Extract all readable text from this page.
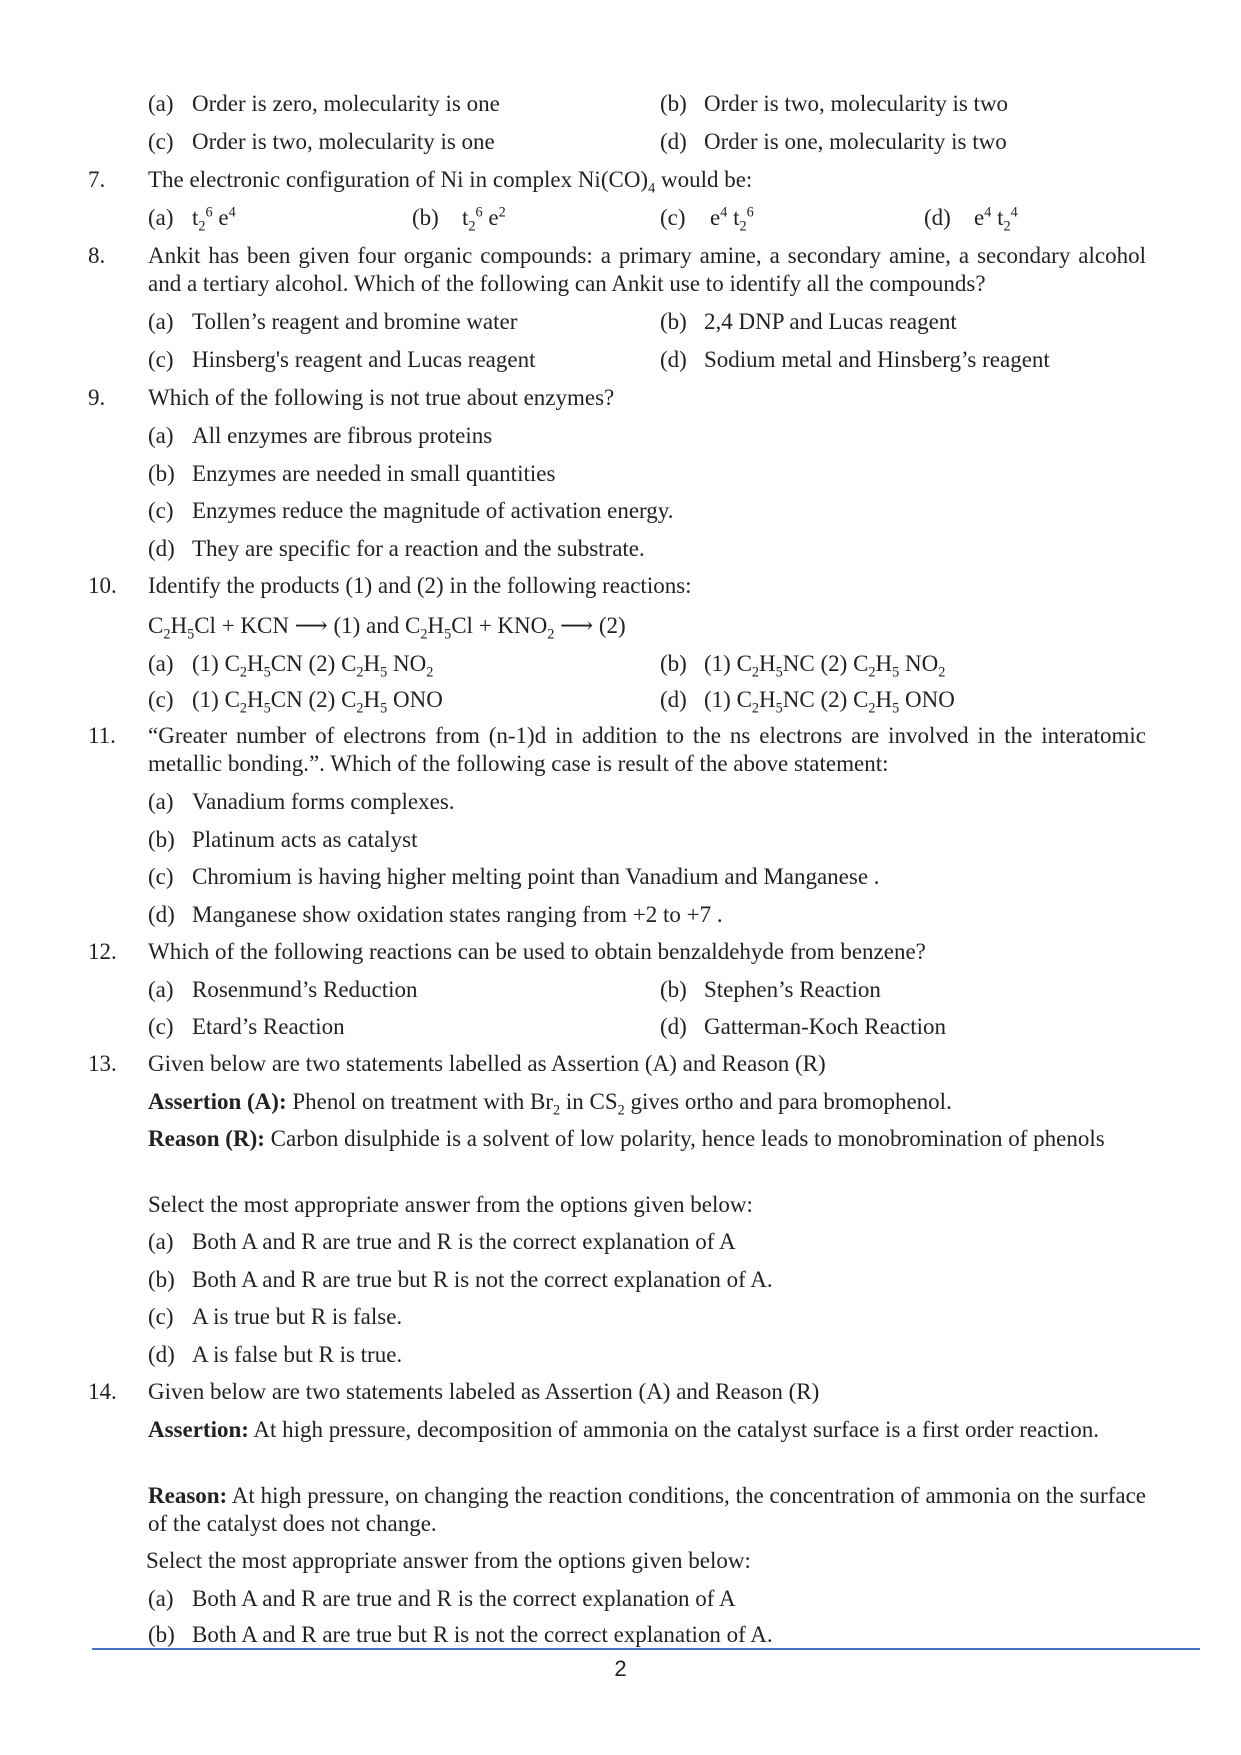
(a) Order is zero, molecularity is one	(b) Order is two, molecularity is two
(c) Order is two, molecularity is one	(d) Order is one, molecularity is two
7.	The electronic configuration of Ni in complex $Ni(CO)_4$ would be:
(a) $t_2^6$ $e^4$	(b) $t_2^6$ $e^2$	(c) $e^4$ $t_2^6$	(d) $e^4$ $t_2^4$
8.	Ankit has been given four organic compounds: a primary amine, a secondary amine, a secondary alcohol and a tertiary alcohol. Which of the following can Ankit use to identify all the compounds?
(a) Tollen’s reagent and bromine water	(b) 2,4 DNP and Lucas reagent
(c) Hinsberg's reagent and Lucas reagent	(d) Sodium metal and Hinsberg’s reagent
9.	Which of the following is not true about enzymes?
(a) All enzymes are fibrous proteins
(b) Enzymes are needed in small quantities
(c) Enzymes reduce the magnitude of activation energy.
(d) They are specific for a reaction and the substrate.
10.	Identify the products (1) and (2) in the following reactions:
$C_2H_5Cl$ + KCN ⟶ (1) and $C_2H_5Cl + KNO_2$ ⟶ (2)
(a) (1) $C_2H_5CN$ (2) $C_2H_5$ $NO_2$	(b) (1) $C_2H_5NC$ (2) $C_2H_5$ $NO_2$
(c) (1) $C_2H_5CN$ (2) $C_2H_5$ ONO	(d) (1) $C_2H_5NC$ (2) $C_2H_5$ ONO
11.	“Greater number of electrons from (n-1)d in addition to the ns electrons are involved in the interatomic metallic bonding.”. Which of the following case is result of the above statement:
(a) Vanadium forms complexes.
(b) Platinum acts as catalyst
(c) Chromium is having higher melting point than Vanadium and Manganese .
(d) Manganese show oxidation states ranging from +2 to +7 .
12.	Which of the following reactions can be used to obtain benzaldehyde from benzene?
(a) Rosenmund’s Reduction	(b) Stephen’s Reaction
(c) Etard’s Reaction	(d) Gatterman-Koch Reaction
13.	Given below are two statements labelled as Assertion (A) and Reason (R)
Assertion (A): Phenol on treatment with $Br_2$ in $CS_2$ gives ortho and para bromophenol.
Reason (R): Carbon disulphide is a solvent of low polarity, hence leads to monobromination of phenols
Select the most appropriate answer from the options given below:
(a) Both A and R are true and R is the correct explanation of A
(b) Both A and R are true but R is not the correct explanation of A.
(c) A is true but R is false.
(d) A is false but R is true.
14.	Given below are two statements labeled as Assertion (A) and Reason (R)
Assertion: At high pressure, decomposition of ammonia on the catalyst surface is a first order reaction.
Reason: At high pressure, on changing the reaction conditions, the concentration of ammonia on the surface of the catalyst does not change.
Select the most appropriate answer from the options given below:
(a) Both A and R are true and R is the correct explanation of A
(b) Both A and R are true but R is not the correct explanation of A.
2
